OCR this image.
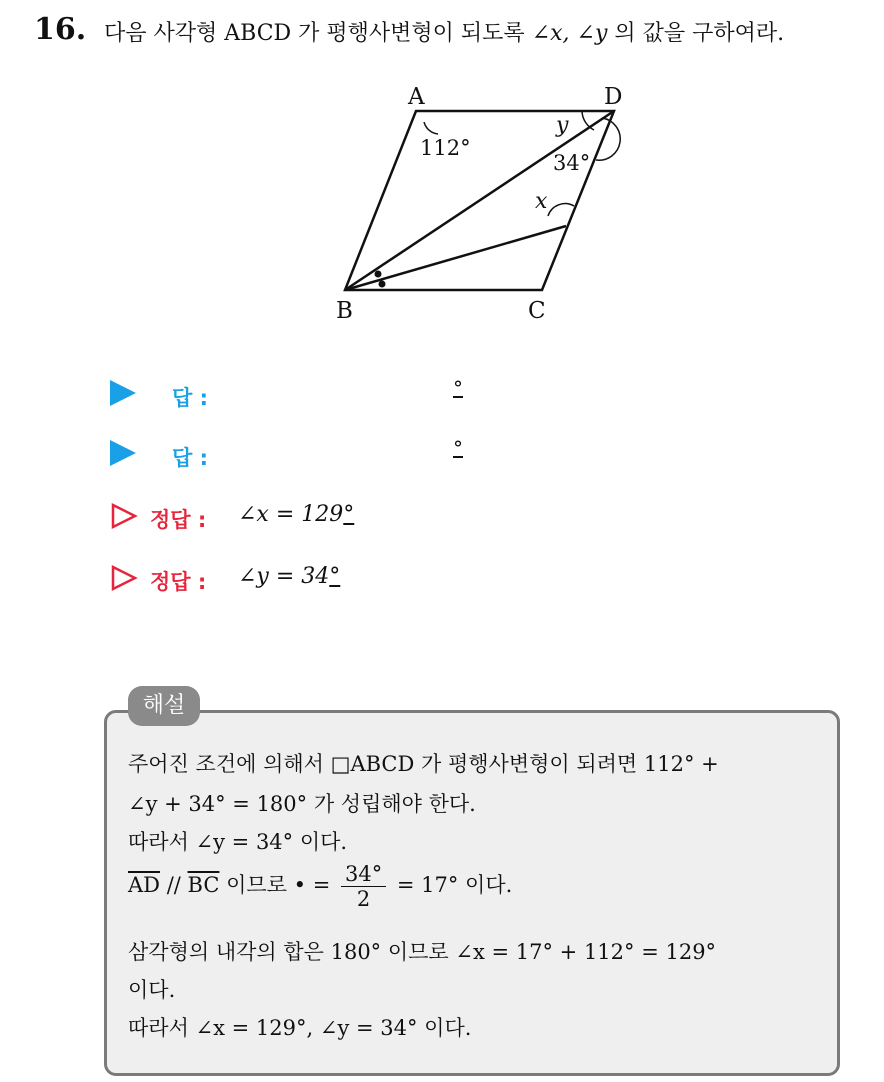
16. 다음 사각형 ABCD 가 평행사변형이 되도록 ∠x, ∠y 의 값을 구하여라.
A	D
B	C
112°
34°
y
x
답 :	°
답 :	°
정답 : ∠x = 129°
정답 : ∠y = 34°
해설
주어진 조건에 의해서 □ABCD 가 평행사변형이 되려면 112° +
∠y + 34° = 180° 가 성립해야 한다.
따라서 ∠y = 34° 이다.
$\overline{AD} // \overline{BC}$ 이므로 • = $\frac{34^\circ}{2} = 17^\circ$ 이다.
삼각형의 내각의 합은 180° 이므로 ∠x = 17° + 112° = 129°
이다.
따라서 ∠x = 129°, ∠y = 34° 이다.
